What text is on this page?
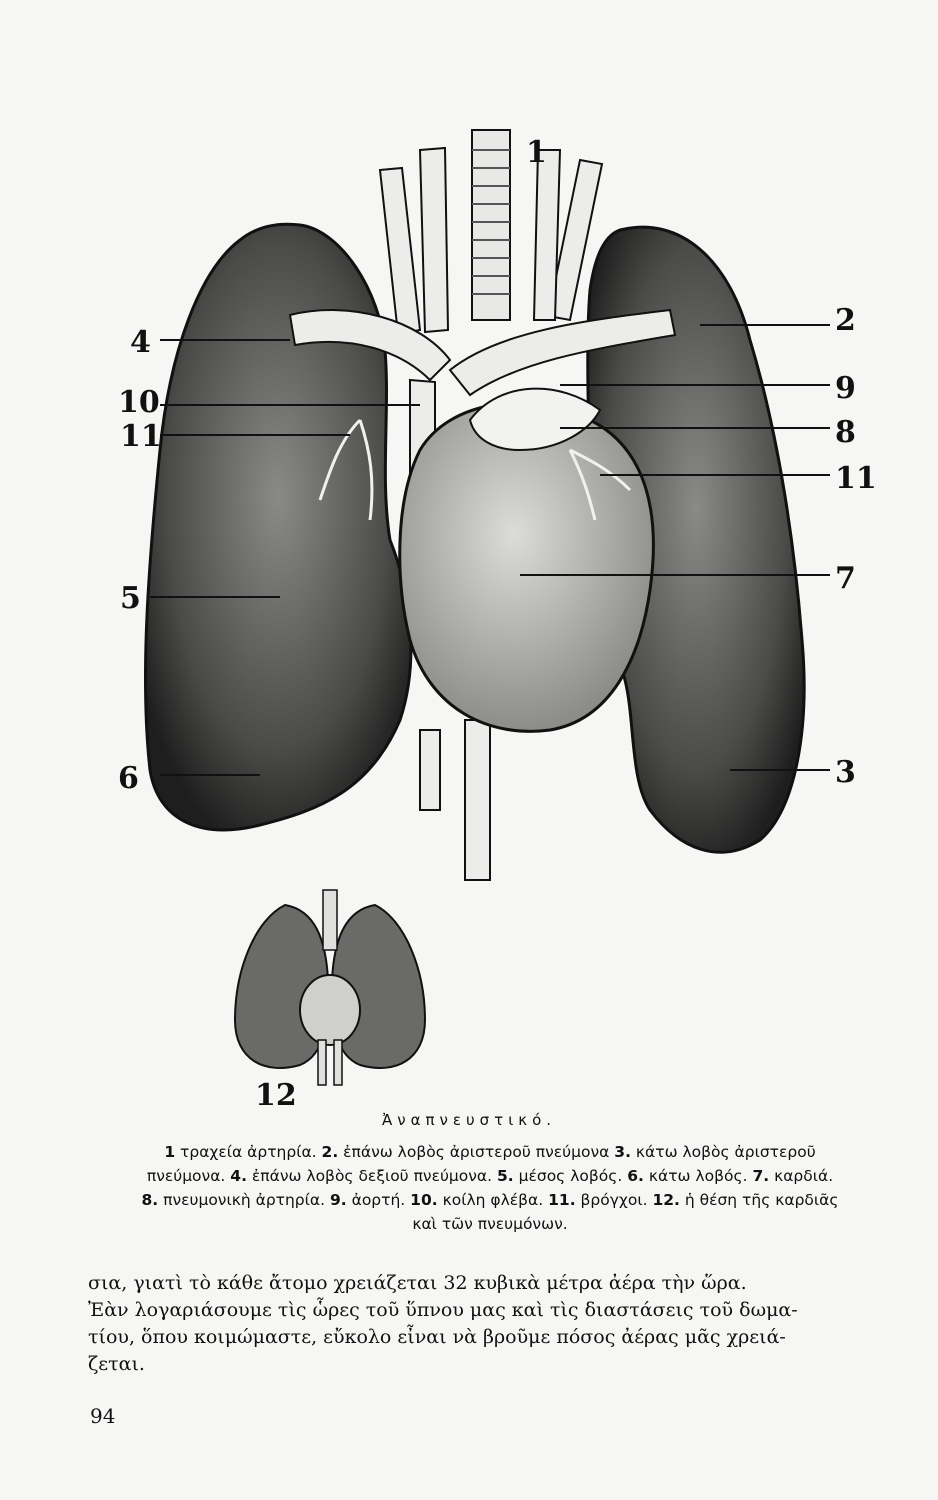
1
4
10
11
5
6
2
9
8
11
7
3
12
Ἀναπνευστικό.
1 τραχεία ἀρτηρία. 2. ἐπάνω λοβὸς ἀριστεροῦ πνεύμονα 3. κάτω λοβὸς ἀριστεροῦ πνεύμονα. 4. ἐπάνω λοβὸς δεξιοῦ πνεύμονα. 5. μέσος λοβός. 6. κάτω λοβός. 7. καρδιά. 8. πνευμονικὴ ἀρτηρία. 9. ἀορτή. 10. κοίλη φλέβα. 11. βρόγχοι. 12. ἡ θέση τῆς καρδιᾶς καὶ τῶν πνευμόνων.

σια, γιατὶ τὸ κάθε ἄτομο χρειάζεται 32 κυβικὰ μέτρα ἀέρα τὴν ὥρα.

Ἐὰν λογαριάσουμε τὶς ὧρες τοῦ ὕπνου μας καὶ τὶς διαστάσεις τοῦ δωμα-

τίου, ὅπου κοιμώμαστε, εὔκολο εἶναι νὰ βροῦμε πόσος ἀέρας μᾶς χρειά-

ζεται.

94
